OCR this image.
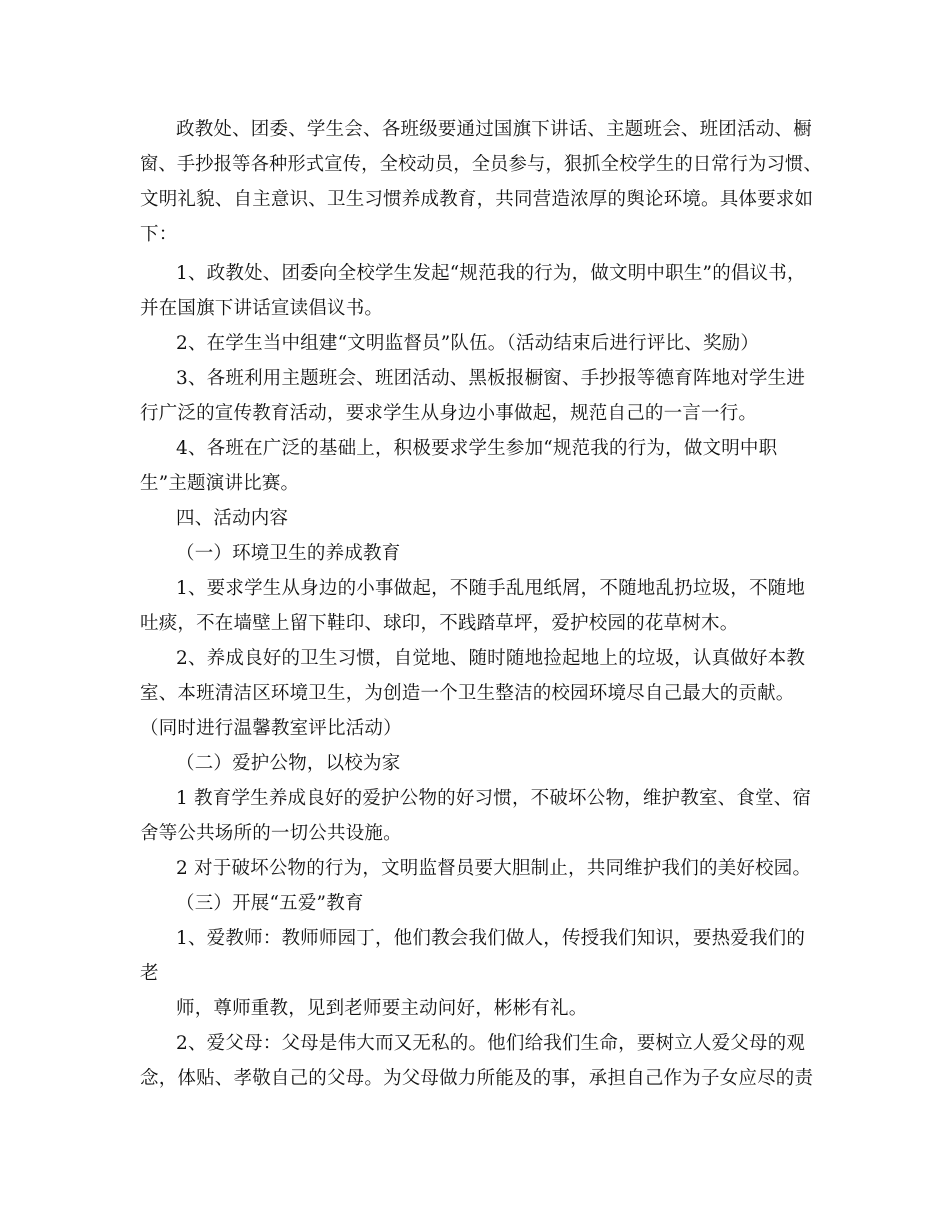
政教处、团委、学生会、各班级要通过国旗下讲话、主题班会、班团活动、橱
窗、手抄报等各种形式宣传，全校动员，全员参与，狠抓全校学生的日常行为习惯、
文明礼貌、自主意识、卫生习惯养成教育，共同营造浓厚的舆论环境。具体要求如
下：
1、政教处、团委向全校学生发起“规范我的行为，做文明中职生”的倡议书，
并在国旗下讲话宣读倡议书。
2、在学生当中组建“文明监督员”队伍。（活动结束后进行评比、奖励）
3、各班利用主题班会、班团活动、黑板报橱窗、手抄报等德育阵地对学生进
行广泛的宣传教育活动，要求学生从身边小事做起，规范自己的一言一行。
4、各班在广泛的基础上，积极要求学生参加“规范我的行为，做文明中职
生”主题演讲比赛。
四、活动内容
（一）环境卫生的养成教育
1、要求学生从身边的小事做起，不随手乱甩纸屑，不随地乱扔垃圾，不随地
吐痰，不在墙壁上留下鞋印、球印，不践踏草坪，爱护校园的花草树木。
2、养成良好的卫生习惯，自觉地、随时随地捡起地上的垃圾，认真做好本教
室、本班清洁区环境卫生，为创造一个卫生整洁的校园环境尽自己最大的贡献。
（同时进行温馨教室评比活动）
（二）爱护公物，以校为家
1 教育学生养成良好的爱护公物的好习惯，不破坏公物，维护教室、食堂、宿
舍等公共场所的一切公共设施。
2 对于破坏公物的行为，文明监督员要大胆制止，共同维护我们的美好校园。
（三）开展“五爱”教育
1、爱教师：教师师园丁，他们教会我们做人，传授我们知识，要热爱我们的
老
师，尊师重教，见到老师要主动问好，彬彬有礼。
2、爱父母：父母是伟大而又无私的。他们给我们生命，要树立人爱父母的观
念，体贴、孝敬自己的父母。为父母做力所能及的事，承担自己作为子女应尽的责
